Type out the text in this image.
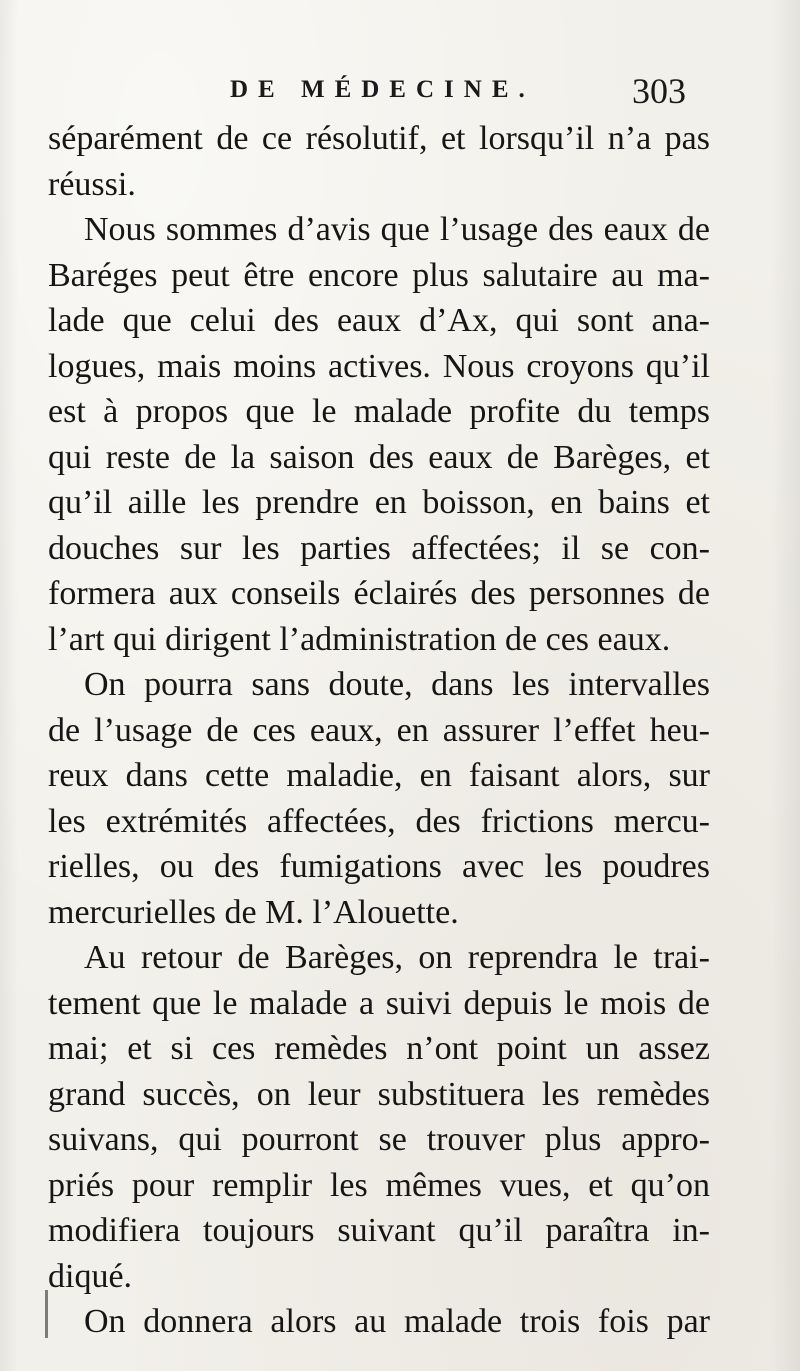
DE MÉDECINE.	303
séparément de ce résolutif, et lorsqu’il n’a pas
réussi.
Nous sommes d’avis que l’usage des eaux de
Baréges peut être encore plus salutaire au ma-
lade que celui des eaux d’Ax, qui sont ana-
logues, mais moins actives. Nous croyons qu’il
est à propos que le malade profite du temps
qui reste de la saison des eaux de Barèges, et
qu’il aille les prendre en boisson, en bains et
douches sur les parties affectées; il se con-
formera aux conseils éclairés des personnes de
l’art qui dirigent l’administration de ces eaux.
On pourra sans doute, dans les intervalles
de l’usage de ces eaux, en assurer l’effet heu-
reux dans cette maladie, en faisant alors, sur
les extrémités affectées, des frictions mercu-
rielles, ou des fumigations avec les poudres
mercurielles de M. l’Alouette.
Au retour de Barèges, on reprendra le trai-
tement que le malade a suivi depuis le mois de
mai; et si ces remèdes n’ont point un assez
grand succès, on leur substituera les remèdes
suivans, qui pourront se trouver plus appro-
priés pour remplir les mêmes vues, et qu’on
modifiera toujours suivant qu’il paraîtra in-
diqué.
On donnera alors au malade trois fois par
